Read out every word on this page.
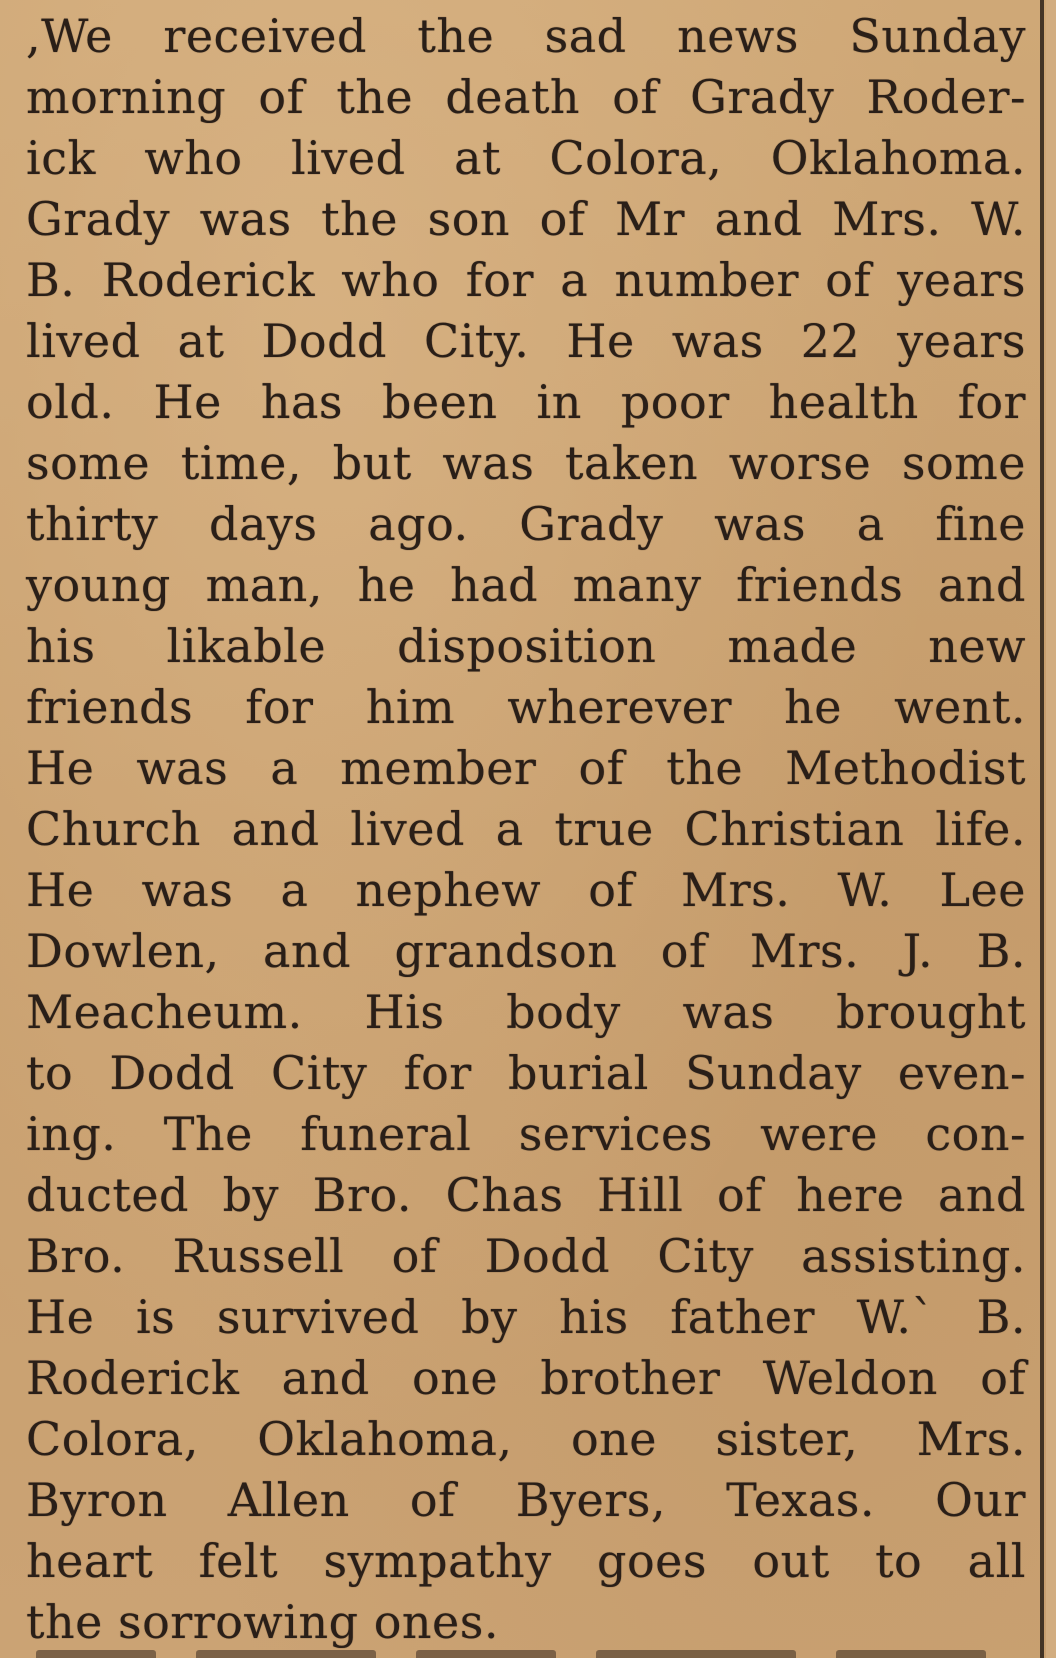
,We received the sad news Sunday
morning of the death of Grady Roder-
ick who lived at Colora, Oklahoma.
Grady was the son of Mr and Mrs. W.
B. Roderick who for a number of years
lived at Dodd City. He was 22 years
old. He has been in poor health for
some time, but was taken worse some
thirty days ago. Grady was a fine
young man, he had many friends and
his likable disposition made new
friends for him wherever he went.
He was a member of the Methodist
Church and lived a true Christian life.
He was a nephew of Mrs. W. Lee
Dowlen, and grandson of Mrs. J. B.
Meacheum. His body was brought
to Dodd City for burial Sunday even-
ing. The funeral services were con-
ducted by Bro. Chas Hill of here and
Bro. Russell of Dodd City assisting.
He is survived by his father W.` B.
Roderick and one brother Weldon of
Colora, Oklahoma, one sister, Mrs.
Byron Allen of Byers, Texas. Our
heart felt sympathy goes out to all
the sorrowing ones.
